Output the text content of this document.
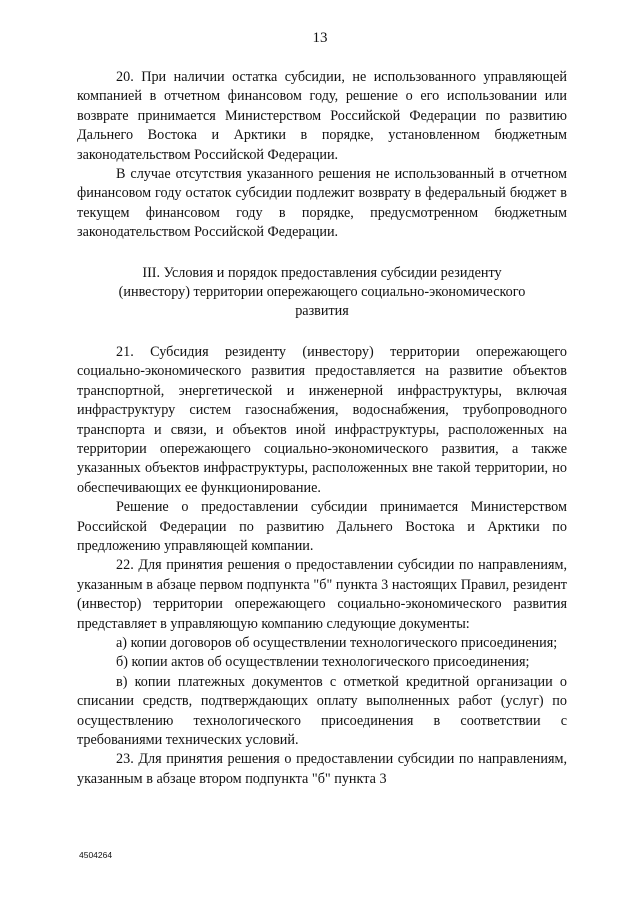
13

20. При наличии остатка субсидии, не использованного управляющей компанией в отчетном финансовом году, решение о его использовании или возврате принимается Министерством Российской Федерации по развитию Дальнего Востока и Арктики в порядке, установленном бюджетным законодательством Российской Федерации.

В случае отсутствия указанного решения не использованный в отчетном финансовом году остаток субсидии подлежит возврату в федеральный бюджет в текущем финансовом году в порядке, предусмотренном бюджетным законодательством Российской Федерации.

III. Условия и порядок предоставления субсидии резиденту (инвестору) территории опережающего социально-экономического развития

21. Субсидия резиденту (инвестору) территории опережающего социально-экономического развития предоставляется на развитие объектов транспортной, энергетической и инженерной инфраструктуры, включая инфраструктуру систем газоснабжения, водоснабжения, трубопроводного транспорта и связи, и объектов иной инфраструктуры, расположенных на территории опережающего социально-экономического развития, а также указанных объектов инфраструктуры, расположенных вне такой территории, но обеспечивающих ее функционирование.

Решение о предоставлении субсидии принимается Министерством Российской Федерации по развитию Дальнего Востока и Арктики по предложению управляющей компании.

22. Для принятия решения о предоставлении субсидии по направлениям, указанным в абзаце первом подпункта "б" пункта 3 настоящих Правил, резидент (инвестор) территории опережающего социально-экономического развития представляет в управляющую компанию следующие документы:

а) копии договоров об осуществлении технологического присоединения;

б) копии актов об осуществлении технологического присоединения;

в) копии платежных документов с отметкой кредитной организации о списании средств, подтверждающих оплату выполненных работ (услуг) по осуществлению технологического присоединения в соответствии с требованиями технических условий.

23. Для принятия решения о предоставлении субсидии по направлениям, указанным в абзаце втором подпункта "б" пункта 3

4504264
